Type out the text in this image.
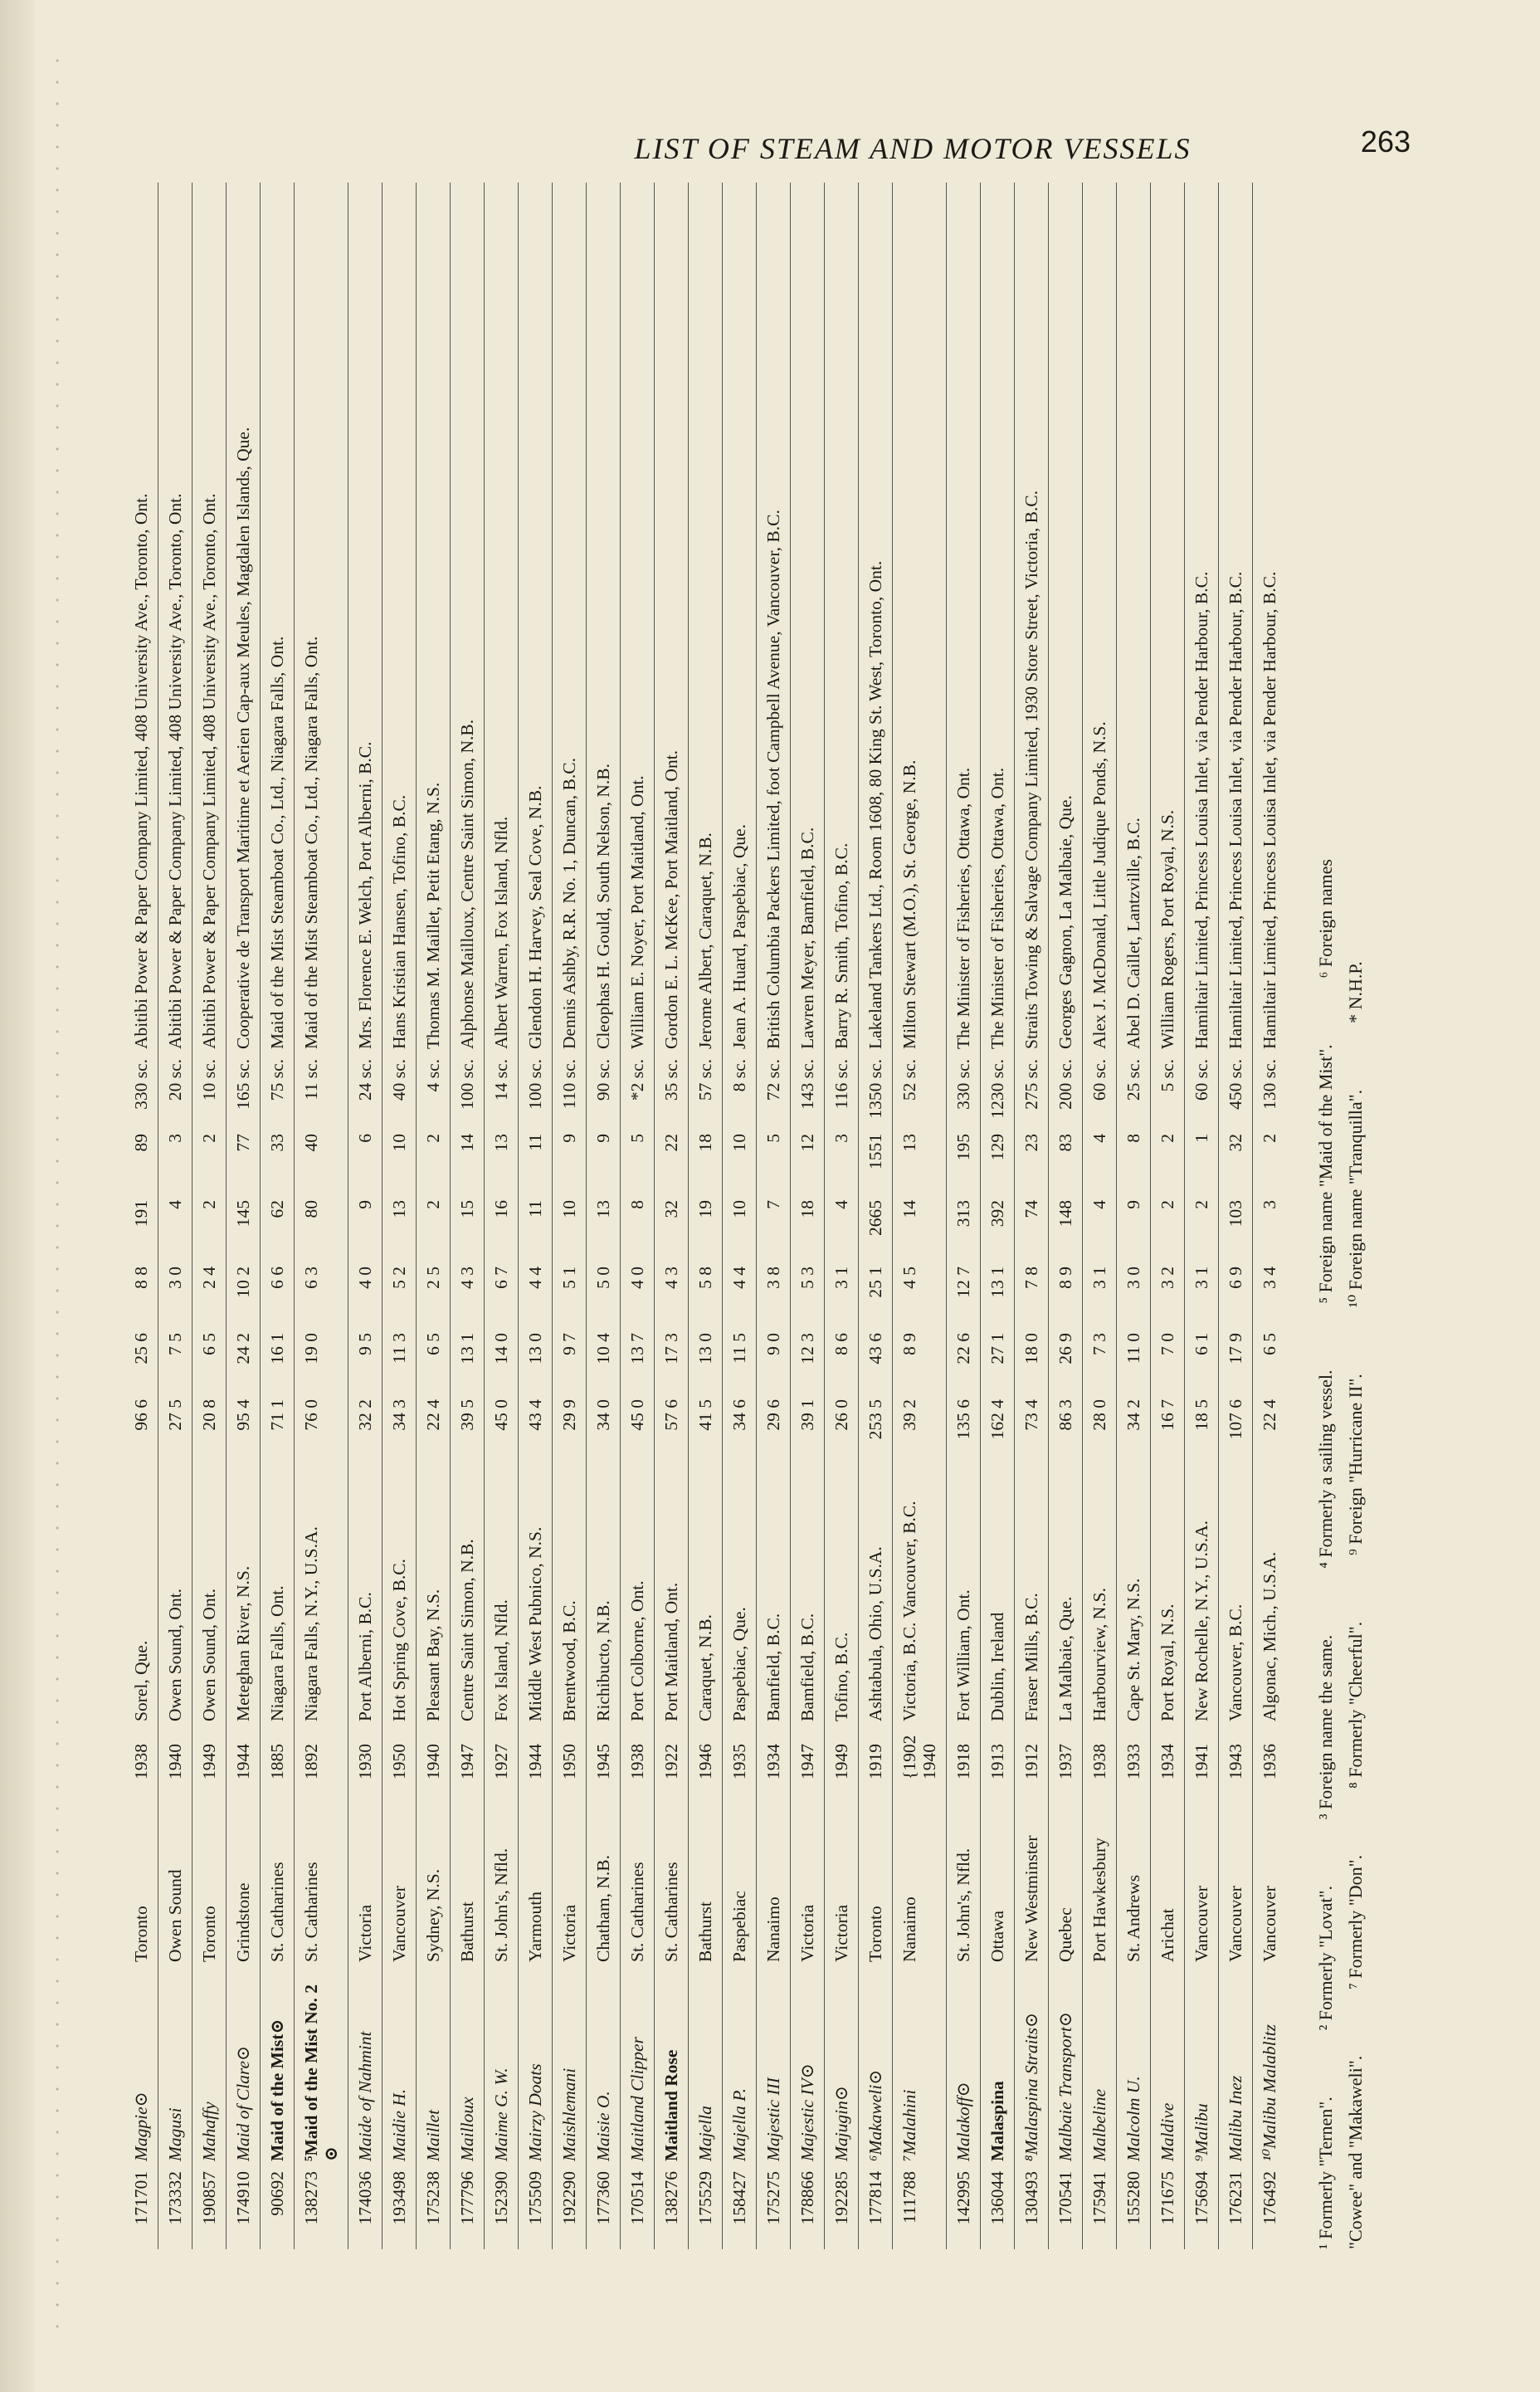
LIST OF STEAM AND MOTOR VESSELS	263
171701	Magpie⊙	Toronto	1938	Sorel, Que.	96 6	25 6	8 8	191	89	330 sc.	Abitibi Power & Paper Company Limited, 408 University Ave., Toronto, Ont.
173332	Magusi	Owen Sound	1940	Owen Sound, Ont.	27 5	7 5	3 0	4	3	20 sc.	Abitibi Power & Paper Company Limited, 408 University Ave., Toronto, Ont.
190857	Mahaffy	Toronto	1949	Owen Sound, Ont.	20 8	6 5	2 4	2	2	10 sc.	Abitibi Power & Paper Company Limited, 408 University Ave., Toronto, Ont.
174910	Maid of Clare⊙	Grindstone	1944	Meteghan River, N.S.	95 4	24 2	10 2	145	77	165 sc.	Cooperative de Transport Maritime et Aerien Cap-aux Meules, Magdalen Islands, Que.
90692	Maid of the Mist⊙	St. Catharines	1885	Niagara Falls, Ont.	71 1	16 1	6 6	62	33	75 sc.	Maid of the Mist Steamboat Co., Ltd., Niagara Falls, Ont.
138273	⁵Maid of the Mist No. 2 ⊙	St. Catharines	1892	Niagara Falls, N.Y., U.S.A.	76 0	19 0	6 3	80	40	11 sc.	Maid of the Mist Steamboat Co., Ltd., Niagara Falls, Ont.
174036	Maide of Nahmint	Victoria	1930	Port Alberni, B.C.	32 2	9 5	4 0	9	6	24 sc.	Mrs. Florence E. Welch, Port Alberni, B.C.
193498	Maidie H.	Vancouver	1950	Hot Spring Cove, B.C.	34 3	11 3	5 2	13	10	40 sc.	Hans Kristian Hansen, Tofino, B.C.
175238	Maillet	Sydney, N.S.	1940	Pleasant Bay, N.S.	22 4	6 5	2 5	2	2	4 sc.	Thomas M. Maillet, Petit Etang, N.S.
177796	Mailloux	Bathurst	1947	Centre Saint Simon, N.B.	39 5	13 1	4 3	15	14	100 sc.	Alphonse Mailloux, Centre Saint Simon, N.B.
152390	Maime G. W.	St. John's, Nfld.	1927	Fox Island, Nfld.	45 0	14 0	6 7	16	13	14 sc.	Albert Warren, Fox Island, Nfld.
175509	Mairzy Doats	Yarmouth	1944	Middle West Pubnico, N.S.	43 4	13 0	4 4	11	11	100 sc.	Glendon H. Harvey, Seal Cove, N.B.
192290	Maishlemani	Victoria	1950	Brentwood, B.C.	29 9	9 7	5 1	10	9	110 sc.	Dennis Ashby, R.R. No. 1, Duncan, B.C.
177360	Maisie O.	Chatham, N.B.	1945	Richibucto, N.B.	34 0	10 4	5 0	13	9	90 sc.	Cleophas H. Gould, South Nelson, N.B.
170514	Maitland Clipper	St. Catharines	1938	Port Colborne, Ont.	45 0	13 7	4 0	8	5	*2 sc.	William E. Noyer, Port Maitland, Ont.
138276	Maitland Rose	St. Catharines	1922	Port Maitland, Ont.	57 6	17 3	4 3	32	22	35 sc.	Gordon E. L. McKee, Port Maitland, Ont.
175529	Majella	Bathurst	1946	Caraquet, N.B.	41 5	13 0	5 8	19	18	57 sc.	Jerome Albert, Caraquet, N.B.
158427	Majella P.	Paspebiac	1935	Paspebiac, Que.	34 6	11 5	4 4	10	10	8 sc.	Jean A. Huard, Paspebiac, Que.
175275	Majestic III	Nanaimo	1934	Bamfield, B.C.	29 6	9 0	3 8	7	5	72 sc.	British Columbia Packers Limited, foot Campbell Avenue, Vancouver, B.C.
178866	Majestic IV⊙	Victoria	1947	Bamfield, B.C.	39 1	12 3	5 3	18	12	143 sc.	Lawren Meyer, Bamfield, B.C.
192285	Majugin⊙	Victoria	1949	Tofino, B.C.	26 0	8 6	3 1	4	3	116 sc.	Barry R. Smith, Tofino, B.C.
177814	⁶Makaweli⊙	Toronto	1919	Ashtabula, Ohio, U.S.A.	253 5	43 6	25 1	2665	1551	1350 sc.	Lakeland Tankers Ltd., Room 1608, 80 King St. West, Toronto, Ont.
111788	⁷Malahini	Nanaimo	{1902 1940	Victoria, B.C. Vancouver, B.C.	39 2	8 9	4 5	14	13	52 sc.	Milton Stewart (M.O.), St. George, N.B.
142995	Malakoff⊙	St. John's, Nfld.	1918	Fort William, Ont.	135 6	22 6	12 7	313	195	330 sc.	The Minister of Fisheries, Ottawa, Ont.
136044	Malaspina	Ottawa	1913	Dublin, Ireland	162 4	27 1	13 1	392	129	1230 sc.	The Minister of Fisheries, Ottawa, Ont.
130493	⁸Malaspina Straits⊙	New Westminster	1912	Fraser Mills, B.C.	73 4	18 0	7 8	74	23	275 sc.	Straits Towing & Salvage Company Limited, 1930 Store Street, Victoria, B.C.
170541	Malbaie Transport⊙	Quebec	1937	La Malbaie, Que.	86 3	26 9	8 9	148	83	200 sc.	Georges Gagnon, La Malbaie, Que.
175941	Malbeline	Port Hawkesbury	1938	Harbourview, N.S.	28 0	7 3	3 1	4	4	60 sc.	Alex J. McDonald, Little Judique Ponds, N.S.
155280	Malcolm U.	St. Andrews	1933	Cape St. Mary, N.S.	34 2	11 0	3 0	9	8	25 sc.	Abel D. Caillet, Lantzville, B.C.
171675	Maldive	Arichat	1934	Port Royal, N.S.	16 7	7 0	3 2	2	2	5 sc.	William Rogers, Port Royal, N.S.
175694	⁹Malibu	Vancouver	1941	New Rochelle, N.Y., U.S.A.	18 5	6 1	3 1	2	1	60 sc.	Hamiltair Limited, Princess Louisa Inlet, via Pender Harbour, B.C.
176231	Malibu Inez	Vancouver	1943	Vancouver, B.C.	107 6	17 9	6 9	103	32	450 sc.	Hamiltair Limited, Princess Louisa Inlet, via Pender Harbour, B.C.
176492	¹⁰Malibu Malablitz	Vancouver	1936	Algonac, Mich., U.S.A.	22 4	6 5	3 4	3	2	130 sc.	Hamiltair Limited, Princess Louisa Inlet, via Pender Harbour, B.C.
¹ Formerly "Ternen".² Formerly "Lovat".³ Foreign name the same.⁴ Formerly a sailing vessel.⁵ Foreign name "Maid of the Mist".⁶ Foreign names
"Cowee" and "Makaweli".⁷ Formerly "Don".⁸ Formerly "Cheerful".⁹ Foreign "Hurricane II".¹⁰ Foreign name "Tranquilla".* N.H.P.
